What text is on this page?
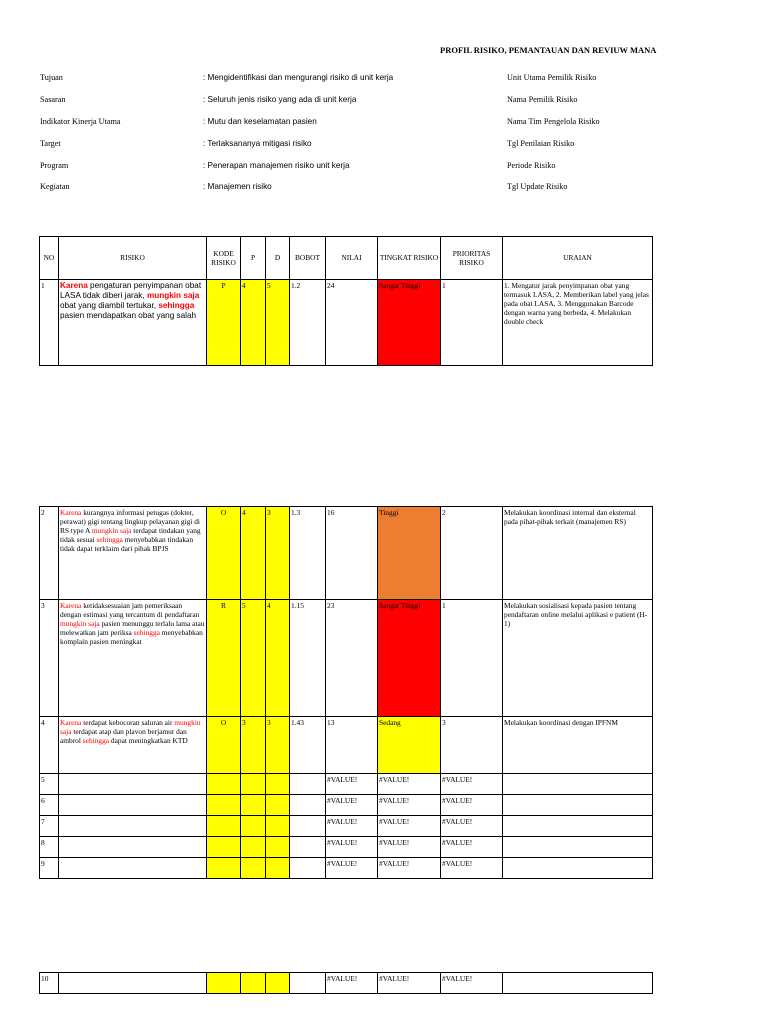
PROFIL RISIKO, PEMANTAUAN DAN REVIUW MANA
Tujuan	: Mengidentifikasi dan mengurangi risiko di unit kerja	Unit Utama Pemilik Risiko
Sasaran	: Seluruh jenis risiko yang ada di unit kerja	Nama Pemilik Risiko
Indikator Kinerja Utama	: Mutu dan keselamatan pasien	Nama Tim Pengelola Risiko
Target	: Terlaksananya mitigasi risiko	Tgl Penilaian Risiko
Program	: Penerapan manajemen risiko unit kerja	Periode Risiko
Kegiatan	: Manajemen risiko	Tgl Update Risiko
NO	RISIKO	KODE RISIKO	P	D	BOBOT	NILAI	TINGKAT RISIKO	PRIORITAS RISIKO	URAIAN
1	Karena pengaturan penyimpanan obat LASA tidak diberi jarak, mungkin saja obat yang diambil tertukar, sehingga pasien mendapatkan obat yang salah	P	4	5	1.2	24	Sangat Tinggi	1	1. Mengatur jarak penyimpanan obat yang termasuk LASA, 2. Memberikan label yang jelas pada obat LASA, 3. Menggunakan Barcode dengan warna yang berbeda, 4. Melakukan double check
2	Karena kurangnya informasi petugas (dokter, perawat) gigi tentang lingkup pelayanan gigi di RS type A mungkin saja terdapat tindakan yang tidak sesuai sehingga menyebabkan tindakan tidak dapat terklaim dari pihak BPJS	O	4	3	1.3	16	Tinggi	2	Melakukan koordinasi internal dan eksternal pada pihat-pihak terkait (manajemen RS)
3	Karena ketidaksesuaian jam pemeriksaan dengan estimasi yang tercantum di pendaftaran mungkin saja pasien menunggu terlalu lama atau melewatkan jam periksa sehingga menyebabkan komplain pasien meningkat	R	5	4	1.15	23	Sangat Tinggi	1	Melakukan sosialisasi kepada pasien tentang pendaftaran online melalui aplikasi e patient (H-1)
4	Karena terdapat kebocoran saluran air mungkin saja terdapat atap dan plavon berjamur dan ambrol sehingga dapat meningkatkan KTD	O	3	3	1.43	13	Sedang	3	Melakukan koordinasi dengan IPFNM
5						#VALUE!	#VALUE!	#VALUE!	
6						#VALUE!	#VALUE!	#VALUE!	
7						#VALUE!	#VALUE!	#VALUE!	
8						#VALUE!	#VALUE!	#VALUE!	
9						#VALUE!	#VALUE!	#VALUE!	
10						#VALUE!	#VALUE!	#VALUE!	
